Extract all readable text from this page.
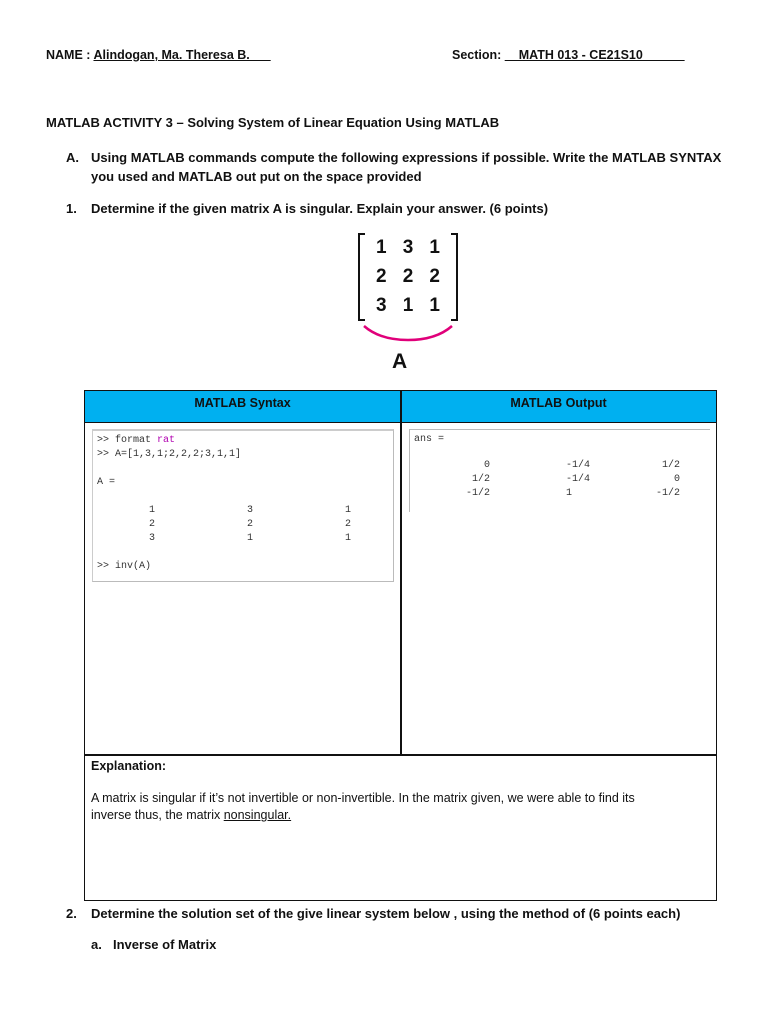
NAME : Alindogan, Ma. Theresa B.___	Section: __MATH 013 - CE21S10______
MATLAB ACTIVITY 3 – Solving System of Linear Equation Using MATLAB
A. Using MATLAB commands compute the following expressions if possible. Write the MATLAB SYNTAX
you used and MATLAB out put on the space provided
1. Determine if the given matrix A is singular. Explain your answer. (6 points)
1 3 1
2 2 2
3 1 1
A
MATLAB Syntax	MATLAB Output
>> format rat
>> A=[1,3,1;2,2,2;3,1,1]
A =
1	3	1
2	2	2
3	1	1
>> inv(A)
ans =
0	-1/4	1/2
1/2	-1/4	0
-1/2	1	-1/2
Explanation:
A matrix is singular if it’s not invertible or non-invertible. In the matrix given, we were able to find its
inverse thus, the matrix nonsingular.
2. Determine the solution set of the give linear system below , using the method of (6 points each)
a. Inverse of Matrix
